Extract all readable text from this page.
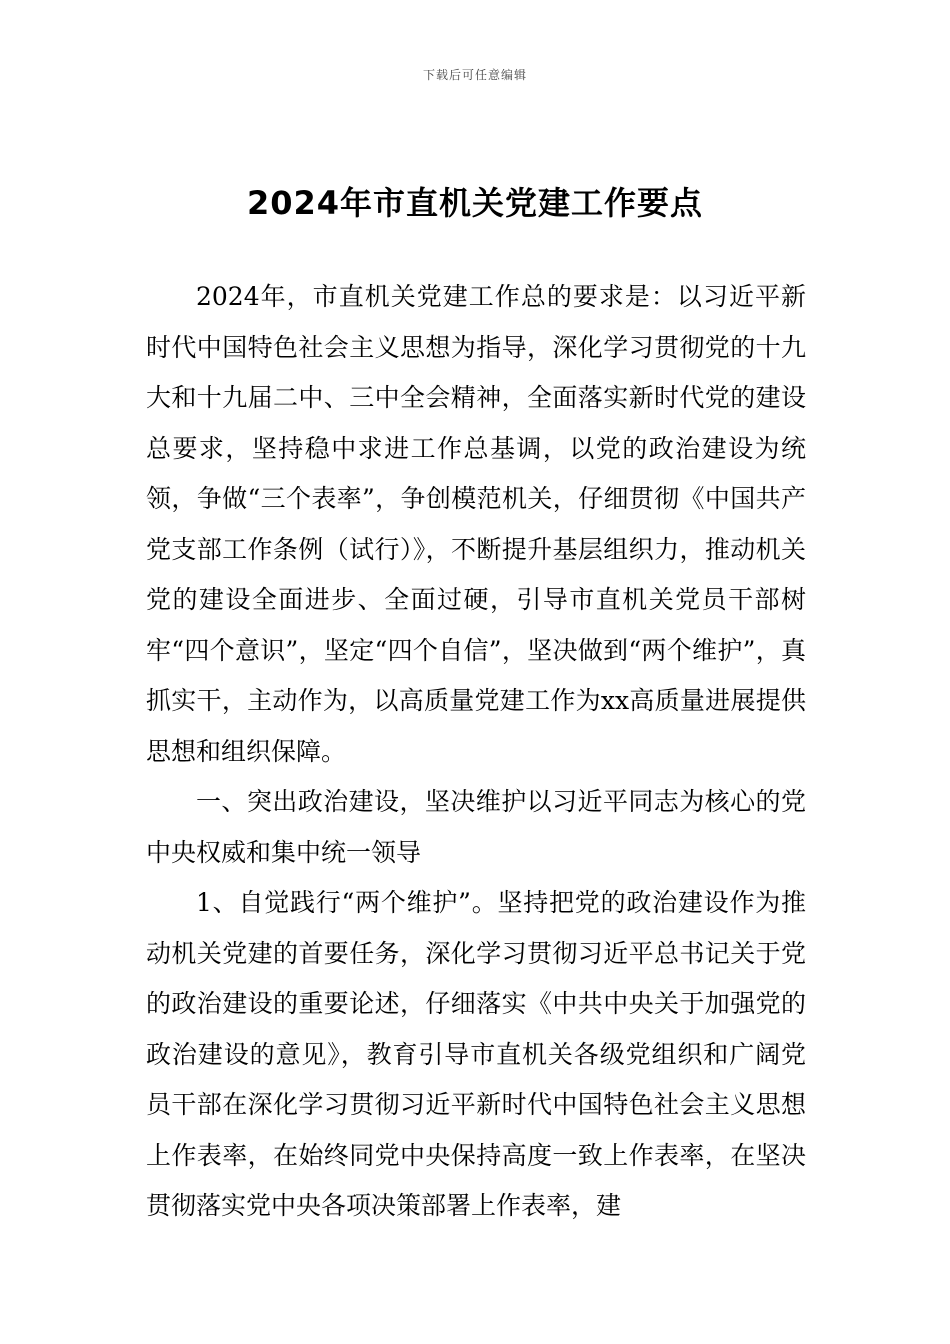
下载后可任意编辑
2024年市直机关党建工作要点

2024年，市直机关党建工作总的要求是：以习近平新时代中国特色社会主义思想为指导，深化学习贯彻党的十九大和十九届二中、三中全会精神，全面落实新时代党的建设总要求，坚持稳中求进工作总基调，以党的政治建设为统领，争做“三个表率”，争创模范机关，仔细贯彻《中国共产党支部工作条例（试行）》，不断提升基层组织力，推动机关党的建设全面进步、全面过硬，引导市直机关党员干部树牢“四个意识”，坚定“四个自信”，坚决做到“两个维护”，真抓实干，主动作为，以高质量党建工作为xx高质量进展提供思想和组织保障。

一、突出政治建设，坚决维护以习近平同志为核心的党中央权威和集中统一领导

1、自觉践行“两个维护”。坚持把党的政治建设作为推动机关党建的首要任务，深化学习贯彻习近平总书记关于党的政治建设的重要论述，仔细落实《中共中央关于加强党的政治建设的意见》，教育引导市直机关各级党组织和广阔党员干部在深化学习贯彻习近平新时代中国特色社会主义思想上作表率，在始终同党中央保持高度一致上作表率，在坚决贯彻落实党中央各项决策部署上作表率，建
